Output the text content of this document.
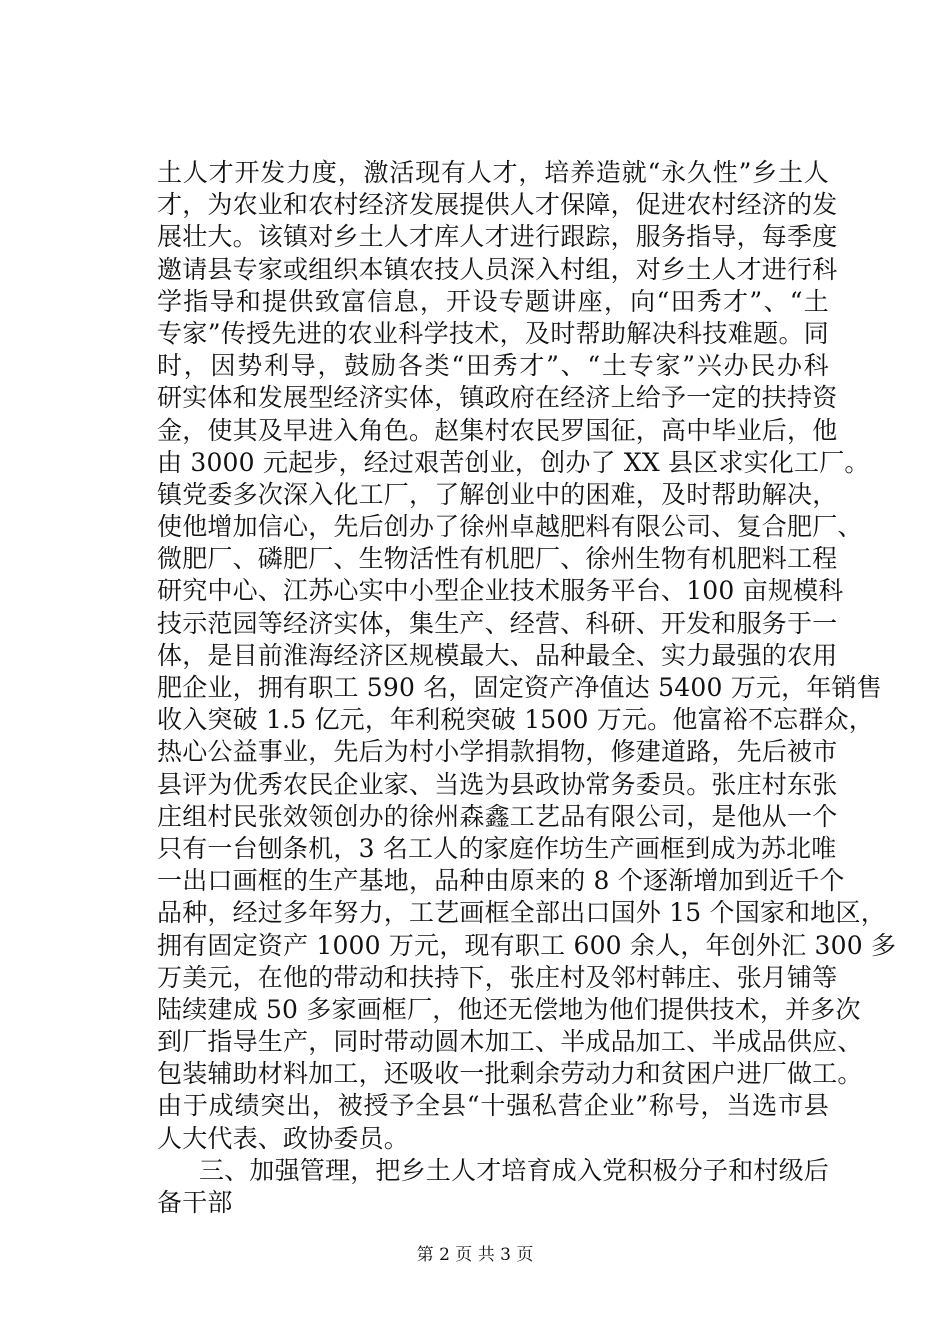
土人才开发力度，激活现有人才，培养造就“永久性”乡土人
才，为农业和农村经济发展提供人才保障，促进农村经济的发
展壮大。该镇对乡土人才库人才进行跟踪，服务指导，每季度
邀请县专家或组织本镇农技人员深入村组，对乡土人才进行科
学指导和提供致富信息，开设专题讲座，向“田秀才”、“土
专家”传授先进的农业科学技术，及时帮助解决科技难题。同
时，因势利导，鼓励各类“田秀才”、“土专家”兴办民办科
研实体和发展型经济实体，镇政府在经济上给予一定的扶持资
金，使其及早进入角色。赵集村农民罗国征，高中毕业后，他
由 3000 元起步，经过艰苦创业，创办了 XX 县区求实化工厂。
镇党委多次深入化工厂，了解创业中的困难，及时帮助解决，
使他增加信心，先后创办了徐州卓越肥料有限公司、复合肥厂、
微肥厂、磷肥厂、生物活性有机肥厂、徐州生物有机肥料工程
研究中心、江苏心实中小型企业技术服务平台、100 亩规模科
技示范园等经济实体，集生产、经营、科研、开发和服务于一
体，是目前淮海经济区规模最大、品种最全、实力最强的农用
肥企业，拥有职工 590 名，固定资产净值达 5400 万元，年销售
收入突破 1.5 亿元，年利税突破 1500 万元。他富裕不忘群众，
热心公益事业，先后为村小学捐款捐物，修建道路，先后被市
县评为优秀农民企业家、当选为县政协常务委员。张庄村东张
庄组村民张效领创办的徐州森鑫工艺品有限公司，是他从一个
只有一台刨条机，3 名工人的家庭作坊生产画框到成为苏北唯
一出口画框的生产基地，品种由原来的 8 个逐渐增加到近千个
品种，经过多年努力，工艺画框全部出口国外 15 个国家和地区，
拥有固定资产 1000 万元，现有职工 600 余人，年创外汇 300 多
万美元，在他的带动和扶持下，张庄村及邻村韩庄、张月铺等
陆续建成 50 多家画框厂，他还无偿地为他们提供技术，并多次
到厂指导生产，同时带动圆木加工、半成品加工、半成品供应、
包装辅助材料加工，还吸收一批剩余劳动力和贫困户进厂做工。
由于成绩突出，被授予全县“十强私营企业”称号，当选市县
人大代表、政协委员。
三、加强管理，把乡土人才培育成入党积极分子和村级后
备干部
第 2 页 共 3 页
